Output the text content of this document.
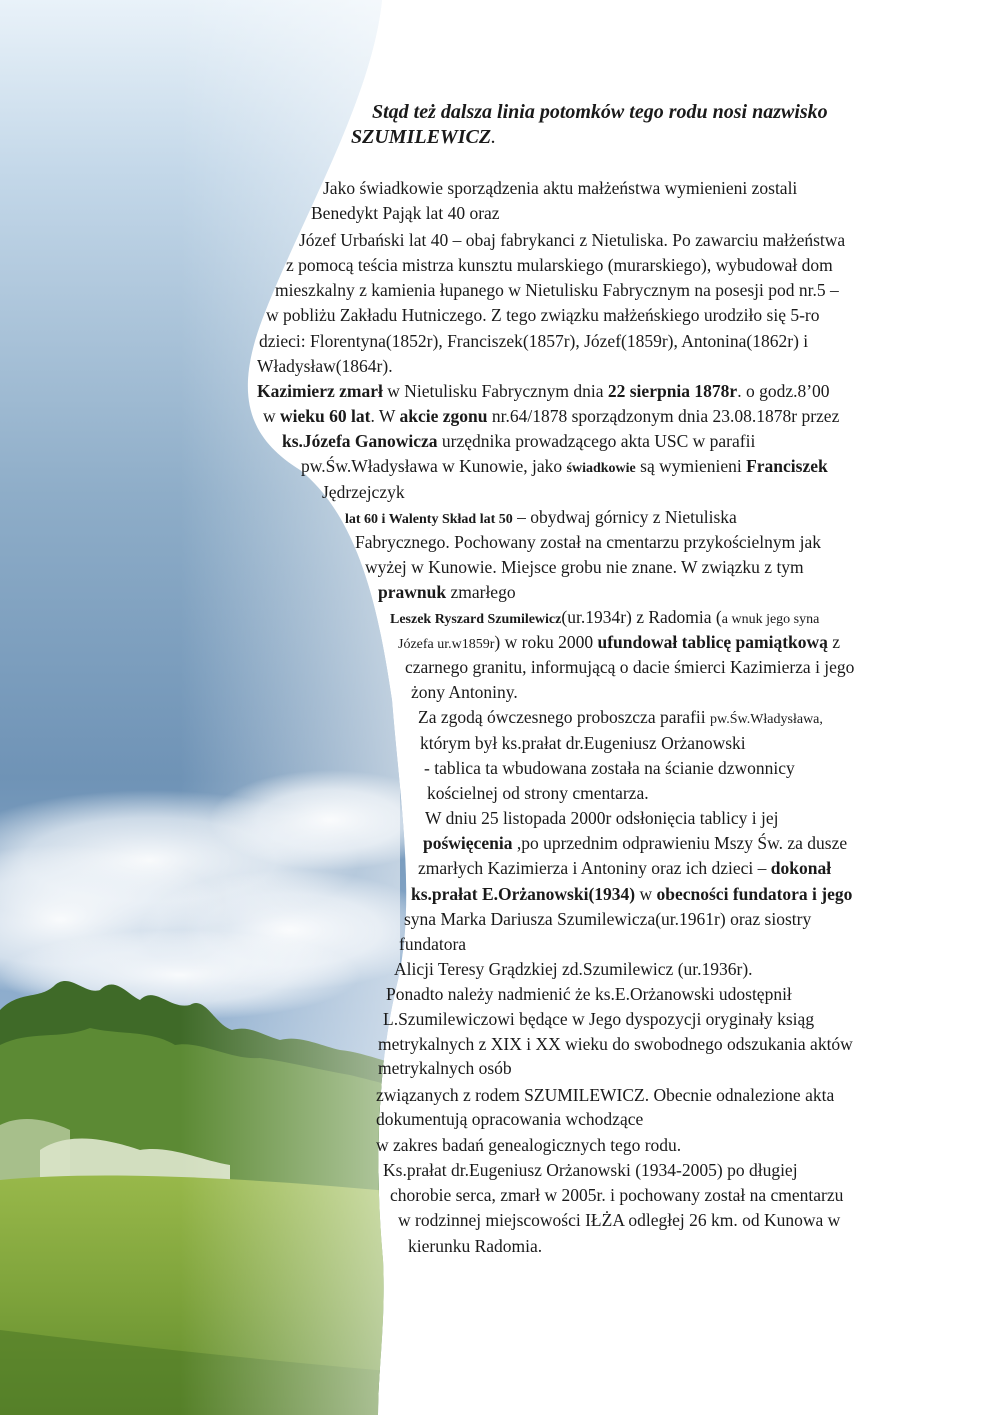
Stąd też dalsza linia potomków tego rodu nosi nazwisko
SZUMILEWICZ.
Jako świadkowie sporządzenia aktu małżeństwa wymienieni zostali
Benedykt Pająk lat 40 oraz
Józef Urbański lat 40 – obaj fabrykanci z Nietuliska. Po zawarciu małżeństwa
z pomocą teścia mistrza kunsztu mularskiego (murarskiego), wybudował dom
mieszkalny z kamienia łupanego w Nietulisku Fabrycznym na posesji pod nr.5 –
w pobliżu Zakładu Hutniczego. Z tego związku małżeńskiego urodziło się 5-ro
dzieci: Florentyna(1852r), Franciszek(1857r), Józef(1859r), Antonina(1862r) i
Władysław(1864r).
Kazimierz zmarł w Nietulisku Fabrycznym dnia 22 sierpnia 1878r. o godz.8’00
w wieku 60 lat. W akcie zgonu nr.64/1878 sporządzonym dnia 23.08.1878r przez
ks.Józefa Ganowicza urzędnika prowadzącego akta USC w parafii
pw.Św.Władysława w Kunowie, jako świadkowie są wymienieni Franciszek
Jędrzejczyk
lat 60 i Walenty Skład lat 50 – obydwaj górnicy z Nietuliska
Fabrycznego. Pochowany został na cmentarzu przykościelnym jak
wyżej w Kunowie. Miejsce grobu nie znane. W związku z tym
prawnuk zmarłego
Leszek Ryszard Szumilewicz(ur.1934r) z Radomia (a wnuk jego syna
Józefa ur.w1859r) w roku 2000 ufundował tablicę pamiątkową z
czarnego granitu, informującą o dacie śmierci Kazimierza i jego
żony Antoniny.
Za zgodą ówczesnego proboszcza parafii pw.Św.Władysława,
którym był ks.prałat dr.Eugeniusz Orżanowski
- tablica ta wbudowana została na ścianie dzwonnicy
kościelnej od strony cmentarza.
W dniu 25 listopada 2000r odsłonięcia tablicy i jej
poświęcenia ,po uprzednim odprawieniu Mszy Św. za dusze
zmarłych Kazimierza i Antoniny oraz ich dzieci – dokonał
ks.prałat E.Orżanowski(1934) w obecności fundatora i jego
syna Marka Dariusza Szumilewicza(ur.1961r) oraz siostry
fundatora
Alicji Teresy Grądzkiej zd.Szumilewicz (ur.1936r).
Ponadto należy nadmienić że ks.E.Orżanowski udostępnił
L.Szumilewiczowi będące w Jego dyspozycji oryginały ksiąg
metrykalnych z XIX i XX wieku do swobodnego odszukania aktów
metrykalnych osób
związanych z rodem SZUMILEWICZ. Obecnie odnalezione akta
dokumentują opracowania wchodzące
w zakres badań genealogicznych tego rodu.
Ks.prałat dr.Eugeniusz Orżanowski (1934-2005) po długiej
chorobie serca, zmarł w 2005r. i pochowany został na cmentarzu
w rodzinnej miejscowości IŁŻA odległej 26 km. od Kunowa w
kierunku Radomia.
